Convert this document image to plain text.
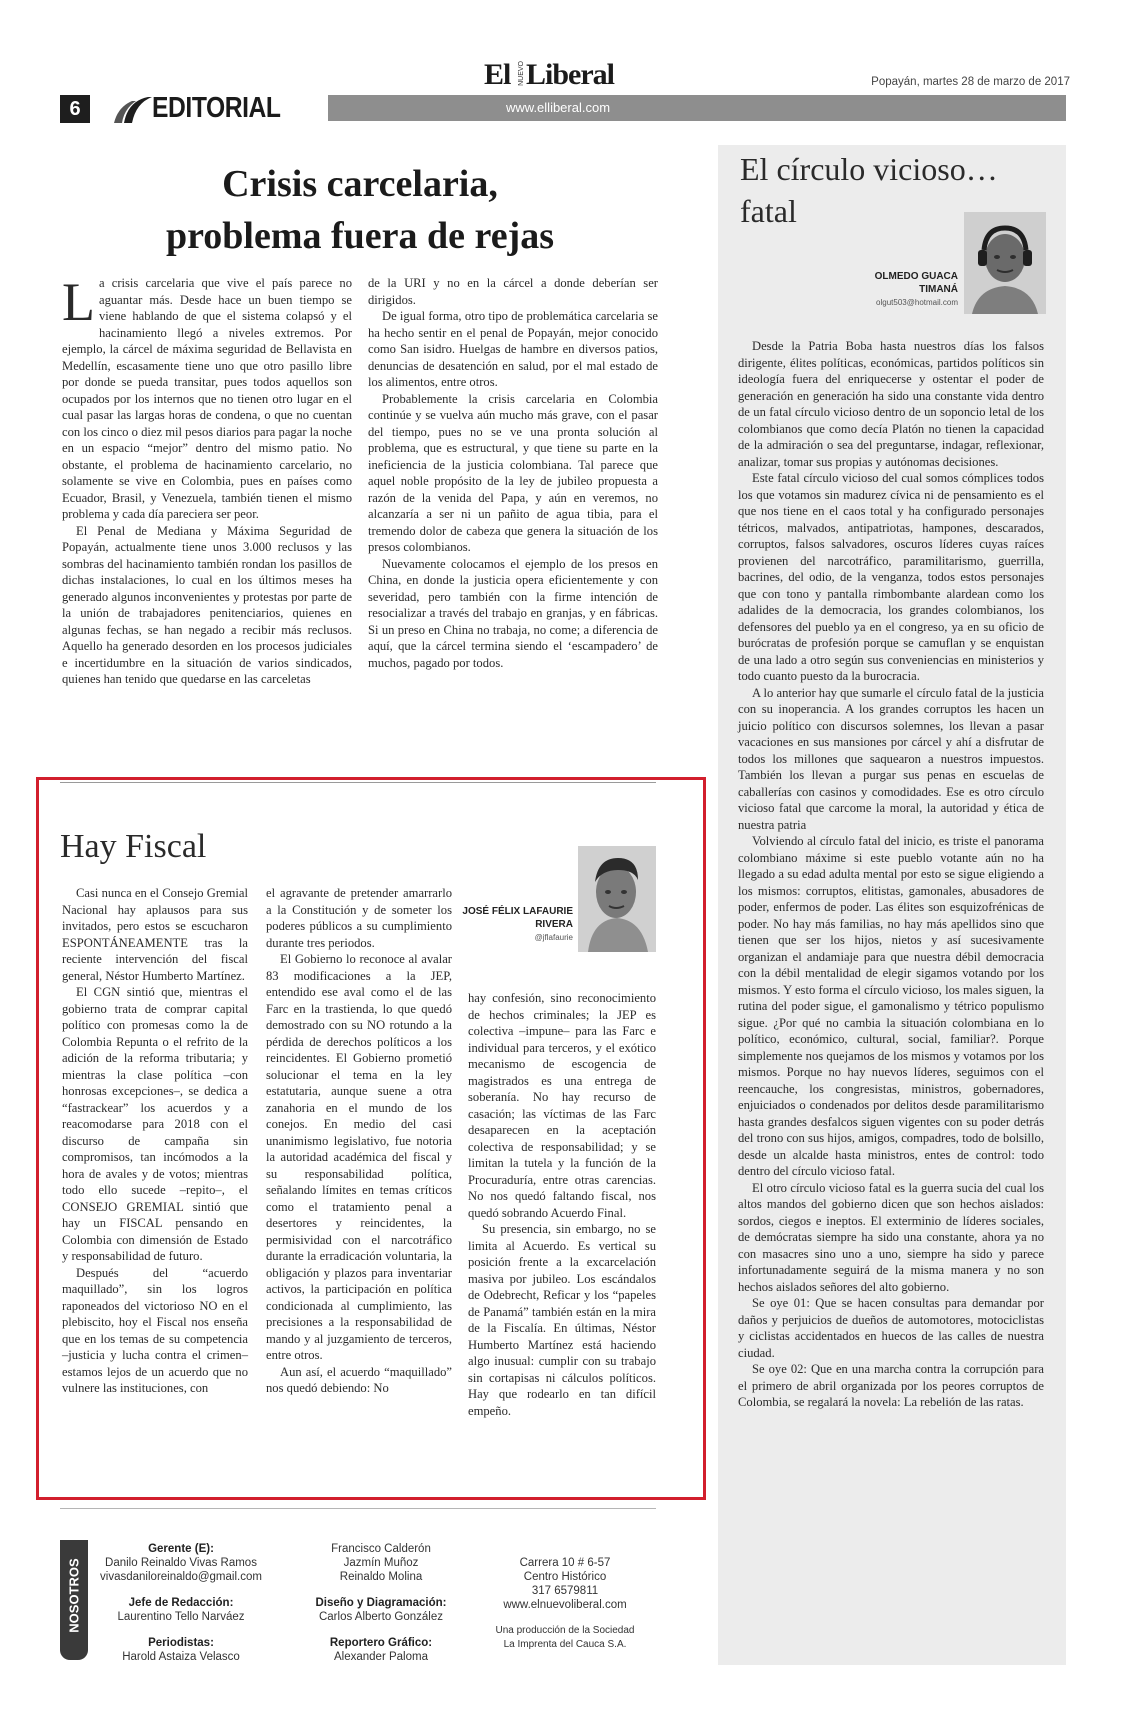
El NUEVO Liberal	Popayán, martes 28 de marzo de 2017
6	EDITORIAL	www.elliberal.com
Crisis carcelaria,
problema fuera de rejas

La crisis carcelaria que vive el país parece no aguantar más. Desde hace un buen tiempo se viene hablando de que el sistema colapsó y el hacinamiento llegó a niveles extremos. Por ejemplo, la cárcel de máxima seguridad de Bellavista en Medellín, escasamente tiene uno que otro pasillo libre por donde se pueda transitar, pues todos aquellos son ocupados por los internos que no tienen otro lugar en el cual pasar las largas horas de condena, o que no cuentan con los cinco o diez mil pesos diarios para pagar la noche en un espacio “mejor” dentro del mismo patio. No obstante, el problema de hacinamiento carcelario, no solamente se vive en Colombia, pues en países como Ecuador, Brasil, y Venezuela, también tienen el mismo problema y cada día pareciera ser peor.

El Penal de Mediana y Máxima Seguridad de Popayán, actualmente tiene unos 3.000 reclusos y las sombras del hacinamiento también rondan los pasillos de dichas instalaciones, lo cual en los últimos meses ha generado algunos inconvenientes y protestas por parte de la unión de trabajadores penitenciarios, quienes en algunas fechas, se han negado a recibir más reclusos. Aquello ha generado desorden en los procesos judiciales e incertidumbre en la situación de varios sindicados, quienes han tenido que quedarse en las carceletas

de la URI y no en la cárcel a donde deberían ser dirigidos.

De igual forma, otro tipo de problemática carcelaria se ha hecho sentir en el penal de Popayán, mejor conocido como San isidro. Huelgas de hambre en diversos patios, denuncias de desatención en salud, por el mal estado de los alimentos, entre otros.

Probablemente la crisis carcelaria en Colombia continúe y se vuelva aún mucho más grave, con el pasar del tiempo, pues no se ve una pronta solución al problema, que es estructural, y que tiene su parte en la ineficiencia de la justicia colombiana. Tal parece que aquel noble propósito de la ley de jubileo propuesta a razón de la venida del Papa, y aún en veremos, no alcanzaría a ser ni un pañito de agua tibia, para el tremendo dolor de cabeza que genera la situación de los presos colombianos.

Nuevamente colocamos el ejemplo de los presos en China, en donde la justicia opera eficientemente y con severidad, pero también con la firme intención de resocializar a través del trabajo en granjas, y en fábricas. Si un preso en China no trabaja, no come; a diferencia de aquí, que la cárcel termina siendo el ‘escampadero’ de muchos, pagado por todos.

Hay Fiscal
JOSÉ FÉLIX LAFAURIE
RIVERA
@jflafaurie

Casi nunca en el Consejo Gremial Nacional hay aplausos para sus invitados, pero estos se escucharon ESPONTÁNEAMENTE tras la reciente intervención del fiscal general, Néstor Humberto Martínez.

El CGN sintió que, mientras el gobierno trata de comprar capital político con promesas como la de Colombia Repunta o el refrito de la adición de la reforma tributaria; y mientras la clase política –con honrosas excepciones–, se dedica a “fastrackear” los acuerdos y a reacomodarse para 2018 con el discurso de campaña sin compromisos, tan incómodos a la hora de avales y de votos; mientras todo ello sucede –repito–, el CONSEJO GREMIAL sintió que hay un FISCAL pensando en Colombia con dimensión de Estado y responsabilidad de futuro.

Después del “acuerdo maquillado”, sin los logros raponeados del victorioso NO en el plebiscito, hoy el Fiscal nos enseña que en los temas de su competencia –justicia y lucha contra el crimen– estamos lejos de un acuerdo que no vulnere las instituciones, con

el agravante de pretender amarrarlo a la Constitución y de someter los poderes públicos a su cumplimiento durante tres periodos.

El Gobierno lo reconoce al avalar 83 modificaciones a la JEP, entendido ese aval como el de las Farc en la trastienda, lo que quedó demostrado con su NO rotundo a la pérdida de derechos políticos a los reincidentes. El Gobierno prometió solucionar el tema en la ley estatutaria, aunque suene a otra zanahoria en el mundo de los conejos. En medio del casi unanimismo legislativo, fue notoria la autoridad académica del fiscal y su responsabilidad política, señalando límites en temas críticos como el tratamiento penal a desertores y reincidentes, la permisividad con el narcotráfico durante la erradicación voluntaria, la obligación y plazos para inventariar activos, la participación en política condicionada al cumplimiento, las precisiones a la responsabilidad de mando y al juzgamiento de terceros, entre otros.

Aun así, el acuerdo “maquillado” nos quedó debiendo: No

hay confesión, sino reconocimiento de hechos criminales; la JEP es colectiva –impune– para las Farc e individual para terceros, y el exótico mecanismo de escogencia de magistrados es una entrega de soberanía. No hay recurso de casación; las víctimas de las Farc desaparecen en la aceptación colectiva de responsabilidad; y se limitan la tutela y la función de la Procuraduría, entre otras carencias. No nos quedó faltando fiscal, nos quedó sobrando Acuerdo Final.

Su presencia, sin embargo, no se limita al Acuerdo. Es vertical su posición frente a la excarcelación masiva por jubileo. Los escándalos de Odebrecht, Reficar y los “papeles de Panamá” también están en la mira de la Fiscalía. En últimas, Néstor Humberto Martínez está haciendo algo inusual: cumplir con su trabajo sin cortapisas ni cálculos políticos. Hay que rodearlo en tan difícil empeño.

El círculo vicioso…
fatal
OLMEDO GUACA
TIMANÁ
olgut503@hotmail.com

Desde la Patria Boba hasta nuestros días los falsos dirigente, élites políticas, económicas, partidos políticos sin ideología fuera del enriquecerse y ostentar el poder de generación en generación ha sido una constante vida dentro de un fatal círculo vicioso dentro de un soponcio letal de los colombianos que como decía Platón no tienen la capacidad de la admiración o sea del preguntarse, indagar, reflexionar, analizar, tomar sus propias y autónomas decisiones.

Este fatal círculo vicioso del cual somos cómplices todos los que votamos sin madurez cívica ni de pensamiento es el que nos tiene en el caos total y ha configurado personajes tétricos, malvados, antipatriotas, hampones, descarados, corruptos, falsos salvadores, oscuros líderes cuyas raíces provienen del narcotráfico, paramilitarismo, guerrilla, bacrines, del odio, de la venganza, todos estos personajes que con tono y pantalla rimbombante alardean como los adalides de la democracia, los grandes colombianos, los defensores del pueblo ya en el congreso, ya en su oficio de burócratas de profesión porque se camuflan y se enquistan de una lado a otro según sus conveniencias en ministerios y todo cuanto puesto da la burocracia.

A lo anterior hay que sumarle el círculo fatal de la justicia con su inoperancia. A los grandes corruptos les hacen un juicio político con discursos solemnes, los llevan a pasar vacaciones en sus mansiones por cárcel y ahí a disfrutar de todos los millones que saquearon a nuestros impuestos. También los llevan a purgar sus penas en escuelas de caballerías con casinos y comodidades. Ese es otro círculo vicioso fatal que carcome la moral, la autoridad y ética de nuestra patria

Volviendo al círculo fatal del inicio, es triste el panorama colombiano máxime si este pueblo votante aún no ha llegado a su edad adulta mental por esto se sigue eligiendo a los mismos: corruptos, elitistas, gamonales, abusadores de poder, enfermos de poder. Las élites son esquizofrénicas de poder. No hay más familias, no hay más apellidos sino que tienen que ser los hijos, nietos y así sucesivamente organizan el andamiaje para que nuestra débil democracia con la débil mentalidad de elegir sigamos votando por los mismos. Y esto forma el círculo vicioso, los males siguen, la rutina del poder sigue, el gamonalismo y tétrico populismo sigue. ¿Por qué no cambia la situación colombiana en lo político, económico, cultural, social, familiar?. Porque simplemente nos quejamos de los mismos y votamos por los mismos. Porque no hay nuevos líderes, seguimos con el reencauche, los congresistas, ministros, gobernadores, enjuiciados o condenados por delitos desde paramilitarismo hasta grandes desfalcos siguen vigentes con su poder detrás del trono con sus hijos, amigos, compadres, todo de bolsillo, desde un alcalde hasta ministros, entes de control: todo dentro del círculo vicioso fatal.

El otro círculo vicioso fatal es la guerra sucia del cual los altos mandos del gobierno dicen que son hechos aislados: sordos, ciegos e ineptos. El exterminio de líderes sociales, de demócratas siempre ha sido una constante, ahora ya no con masacres sino uno a uno, siempre ha sido y parece infortunadamente seguirá de la misma manera y no son hechos aislados señores del alto gobierno.

Se oye 01: Que se hacen consultas para demandar por daños y perjuicios de dueños de automotores, motociclistas y ciclistas accidentados en huecos de las calles de nuestra ciudad.

Se oye 02: Que en una marcha contra la corrupción para el primero de abril organizada por los peores corruptos de Colombia, se regalará la novela: La rebelión de las ratas.

NOSOTROS
Gerente (E):
Danilo Reinaldo Vivas Ramos
vivasdaniloreinaldo@gmail.com
Jefe de Redacción:
Laurentino Tello Narváez
Periodistas:
Harold Astaiza Velasco
Francisco Calderón
Jazmín Muñoz
Reinaldo Molina
Diseño y Diagramación:
Carlos Alberto González
Reportero Gráfico:
Alexander Paloma
Carrera 10 # 6-57
Centro Histórico
317 6579811
www.elnuevoliberal.com
Una producción de la Sociedad
La Imprenta del Cauca S.A.
